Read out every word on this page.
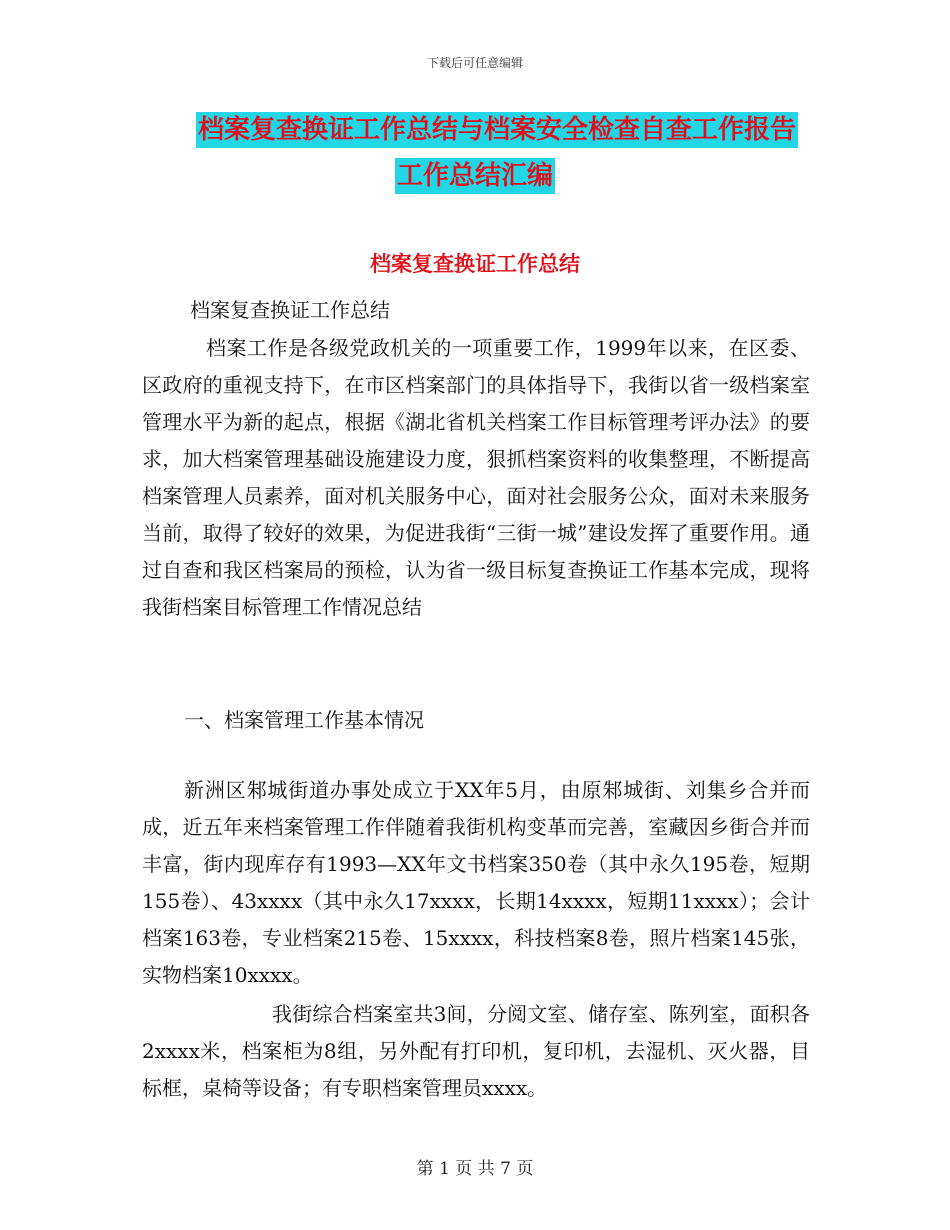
下载后可任意编辑
档案复查换证工作总结与档案安全检查自查工作报告
工作总结汇编
档案复查换证工作总结
档案复查换证工作总结
档案工作是各级党政机关的一项重要工作，1999年以来，在区委、区政府的重视支持下，在市区档案部门的具体指导下，我街以省一级档案室管理水平为新的起点，根据《湖北省机关档案工作目标管理考评办法》的要求，加大档案管理基础设施建设力度，狠抓档案资料的收集整理，不断提高档案管理人员素养，面对机关服务中心，面对社会服务公众，面对未来服务当前，取得了较好的效果，为促进我街“三街一城”建设发挥了重要作用。通过自查和我区档案局的预检，认为省一级目标复查换证工作基本完成，现将我街档案目标管理工作情况总结
一、档案管理工作基本情况
新洲区邾城街道办事处成立于XX年5月，由原邾城街、刘集乡合并而成，近五年来档案管理工作伴随着我街机构变革而完善，室藏因乡街合并而丰富，街内现库存有1993—XX年文书档案350卷（其中永久195卷，短期155卷）、43xxxx（其中永久17xxxx，长期14xxxx，短期11xxxx）；会计档案163卷，专业档案215卷、15xxxx，科技档案8卷，照片档案145张，实物档案10xxxx。
我街综合档案室共3间，分阅文室、储存室、陈列室，面积各2xxxx米，档案柜为8组，另外配有打印机，复印机，去湿机、灭火器，目标框，桌椅等设备；有专职档案管理员xxxx。
第 1 页 共 7 页
